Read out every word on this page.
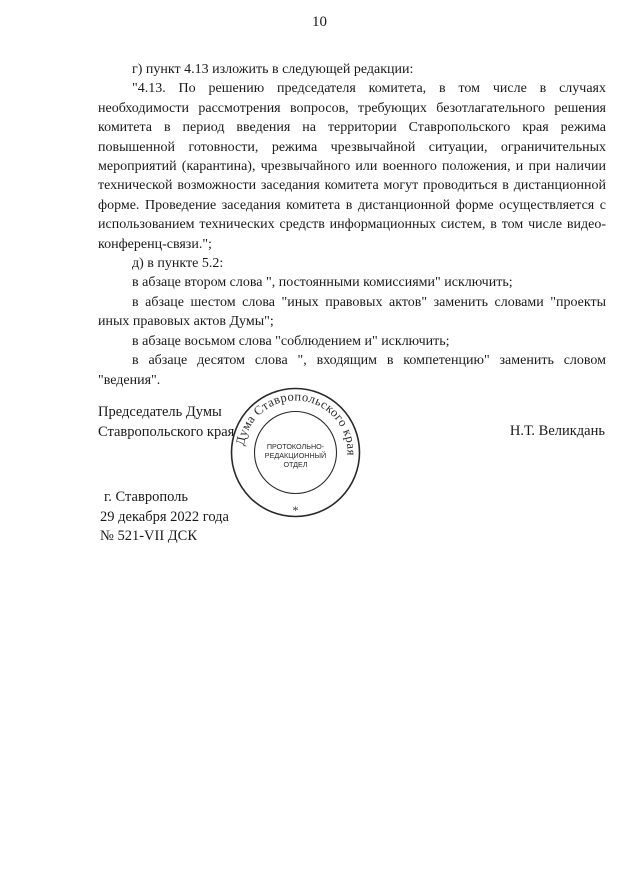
10

г) пункт 4.13 изложить в следующей редакции:

"4.13. По решению председателя комитета, в том числе в случаях необходимости рассмотрения вопросов, требующих безотлагательного решения комитета в период введения на территории Ставропольского края режима повышенной готовности, режима чрезвычайной ситуации, ограничительных мероприятий (карантина), чрезвычайного или военного положения, и при наличии технической возможности заседания комитета могут проводиться в дистанционной форме. Проведение заседания комитета в дистанционной форме осуществляется с использованием технических средств информационных систем, в том числе видео-конференц-связи.";

д) в пункте 5.2:

в абзаце втором слова ", постоянными комиссиями" исключить;

в абзаце шестом слова "иных правовых актов" заменить словами "проекты иных правовых актов Думы";

в абзаце восьмом слова "соблюдением и" исключить;

в абзаце десятом слова ", входящим в компетенцию" заменить словом "ведения".

Председатель Думы
Ставропольского края	Н.Т. Великдань
Дума Ставропольского края
ПРОТОКОЛЬНО-
РЕДАКЦИОННЫЙ
ОТДЕЛ
*
г. Ставрополь
29 декабря 2022 года
№ 521-VII ДСК
